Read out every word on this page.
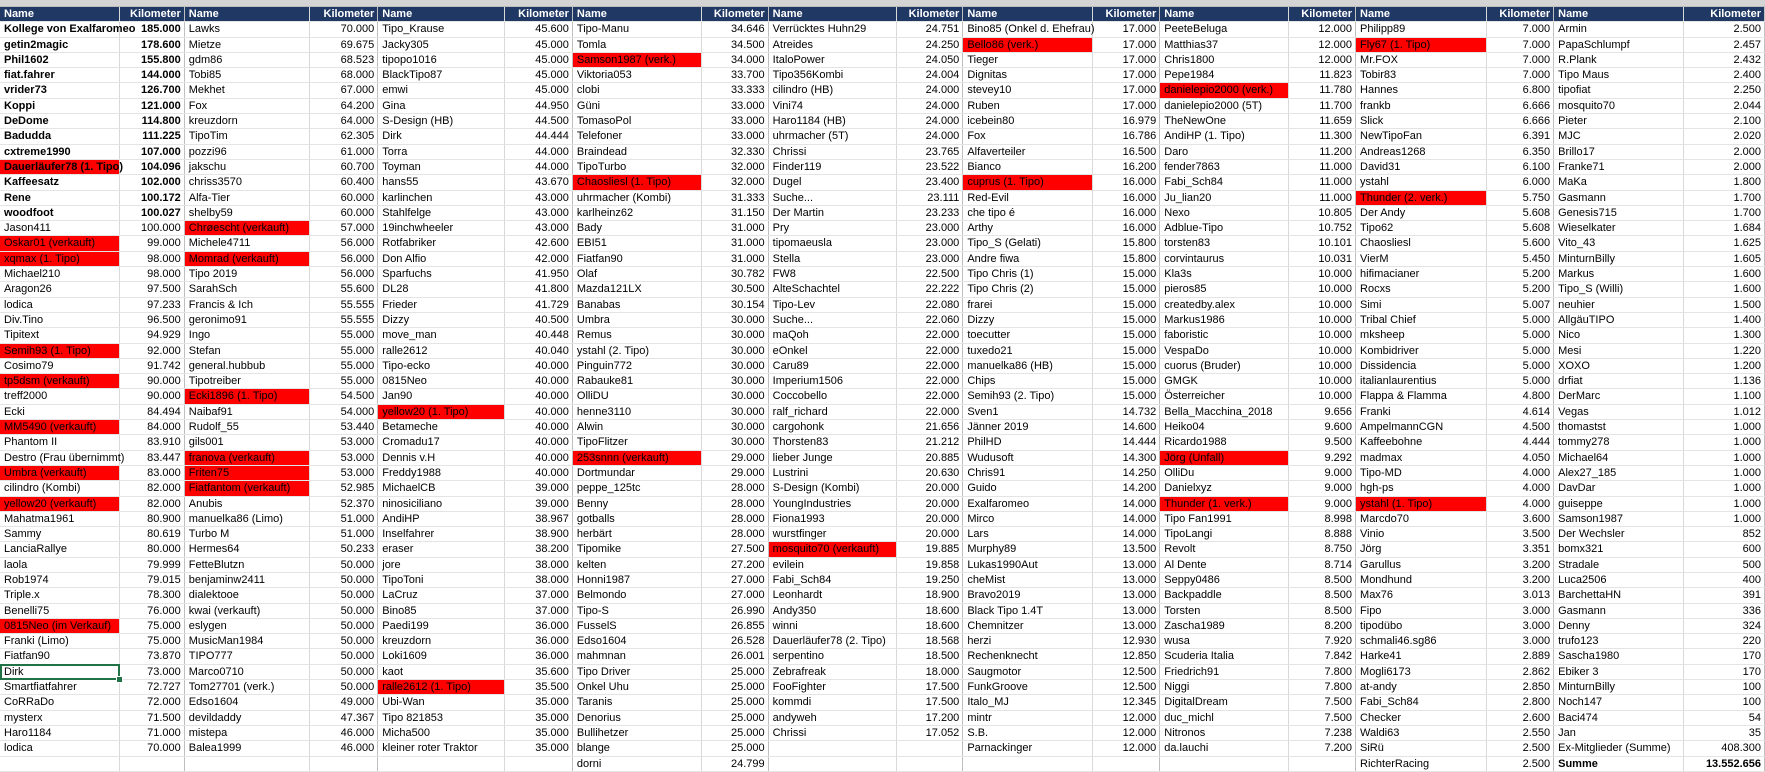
Name	Kilometer	Name	Kilometer	Name	Kilometer	Name	Kilometer	Name	Kilometer	Name	Kilometer	Name	Kilometer	Name	Kilometer	Name	Kilometer
Kollege von Exalfaromeo	185.000	Lawks	70.000	Tipo_Krause	45.600	Tipo-Manu	34.646	Verrücktes Huhn29	24.751	Bino85 (Onkel d. Ehefrau)	17.000	PeeteBeluga	12.000	Philipp89	7.000	Armin	2.500
getin2magic	178.600	Mietze	69.675	Jacky305	45.000	Tomla	34.500	Atreides	24.250	Bello86 (verk.)	17.000	Matthias37	12.000	Fly67 (1. Tipo)	7.000	PapaSchlumpf	2.457
Phil1602	155.800	gdm86	68.523	tipopo1016	45.000	Samson1987 (verk.)	34.000	ItaloPower	24.050	Tieger	17.000	Chris1800	12.000	Mr.FOX	7.000	R.Plank	2.432
fiat.fahrer	144.000	Tobi85	68.000	BlackTipo87	45.000	Viktoria053	33.700	Tipo356Kombi	24.004	Dignitas	17.000	Pepe1984	11.823	Tobir83	7.000	Tipo Maus	2.400
vrider73	126.700	Mekhet	67.000	emwi	45.000	clobi	33.333	cilindro (HB)	24.000	stevey10	17.000	danielepio2000 (verk.)	11.780	Hannes	6.800	tipofiat	2.250
Koppi	121.000	Fox	64.200	Gina	44.950	Güni	33.000	Vini74	24.000	Ruben	17.000	danielepio2000 (5T)	11.700	frankb	6.666	mosquito70	2.044
DeDome	114.800	kreuzdorn	64.000	S-Design (HB)	44.500	TomasoPol	33.000	Haro1184 (HB)	24.000	icebein80	16.979	TheNewOne	11.659	Slick	6.666	Pieter	2.100
Badudda	111.225	TipoTim	62.305	Dirk	44.444	Telefoner	33.000	uhrmacher (5T)	24.000	Fox	16.786	AndiHP (1. Tipo)	11.300	NewTipoFan	6.391	MJC	2.020
cxtreme1990	107.000	pozzi96	61.000	Torra	44.000	Braindead	32.330	Chrissi	23.765	Alfaverteiler	16.500	Daro	11.200	Andreas1268	6.350	Brillo17	2.000
Dauerläufer78 (1. Tipo)	104.096	jakschu	60.700	Toyman	44.000	TipoTurbo	32.000	Finder119	23.522	Bianco	16.200	fender7863	11.000	David31	6.100	Franke71	2.000
Kaffeesatz	102.000	chriss3570	60.400	hans55	43.670	Chaosliesl (1. Tipo)	32.000	Dugel	23.400	cuprus (1. Tipo)	16.000	Fabi_Sch84	11.000	ystahl	6.000	MaKa	1.800
Rene	100.172	Alfa-Tier	60.000	karlinchen	43.000	uhrmacher (Kombi)	31.333	Suche...	23.111	Red-Evil	16.000	Ju_lian20	11.000	Thunder (2. verk.)	5.750	Gasmann	1.700
woodfoot	100.027	shelby59	60.000	Stahlfelge	43.000	karlheinz62	31.150	Der Martin	23.233	che tipo é	16.000	Nexo	10.805	Der Andy	5.608	Genesis715	1.700
Jason411	100.000	Chrøescht (verkauft)	57.000	19inchwheeler	43.000	Bady	31.000	Pry	23.000	Arthy	16.000	Adblue-Tipo	10.752	Tipo62	5.608	Wieselkater	1.684
Oskar01 (verkauft)	99.000	Michele4711	56.000	Rotfabriker	42.600	EBI51	31.000	tipomaeusla	23.000	Tipo_S (Gelati)	15.800	torsten83	10.101	Chaosliesl	5.600	Vito_43	1.625
xqmax (1. Tipo)	98.000	Momrad (verkauft)	56.000	Don Alfio	42.000	Fiatfan90	31.000	Stella	23.000	Andre fiwa	15.800	corvintaurus	10.031	VierM	5.450	MinturnBilly	1.605
Michael210	98.000	Tipo 2019	56.000	Sparfuchs	41.950	Olaf	30.782	FW8	22.500	Tipo Chris (1)	15.000	Kla3s	10.000	hifimacianer	5.200	Markus	1.600
Aragon26	97.500	SarahSch	55.600	DL28	41.800	Mazda121LX	30.500	AlteSchachtel	22.222	Tipo Chris (2)	15.000	pieros85	10.000	Rocxs	5.200	Tipo_S (Willi)	1.600
lodica	97.233	Francis & Ich	55.555	Frieder	41.729	Banabas	30.154	Tipo-Lev	22.080	frarei	15.000	createdby.alex	10.000	Simi	5.007	neuhier	1.500
Div.Tino	96.500	geronimo91	55.555	Dizzy	40.500	Umbra	30.000	Suche...	22.060	Dizzy	15.000	Markus1986	10.000	Tribal Chief	5.000	AllgäuTIPO	1.400
Tipitext	94.929	Ingo	55.000	move_man	40.448	Remus	30.000	maQoh	22.000	toecutter	15.000	faboristic	10.000	mksheep	5.000	Nico	1.300
Semih93 (1. Tipo)	92.000	Stefan	55.000	ralle2612	40.040	ystahl (2. Tipo)	30.000	eOnkel	22.000	tuxedo21	15.000	VespaDo	10.000	Kombidriver	5.000	Mesi	1.220
Cosimo79	91.742	general.hubbub	55.000	Tipo-ecko	40.000	Pinguin772	30.000	Caru89	22.000	manuelka86 (HB)	15.000	cuorus (Bruder)	10.000	Dissidencia	5.000	XOXO	1.200
tp5dsm (verkauft)	90.000	Tipotreiber	55.000	0815Neo	40.000	Rabauke81	30.000	Imperium1506	22.000	Chips	15.000	GMGK	10.000	italianlaurentius	5.000	drfiat	1.136
treff2000	90.000	Ecki1896 (1. Tipo)	54.500	Jan90	40.000	OlliDU	30.000	Coccobello	22.000	Semih93 (2. Tipo)	15.000	Österreicher	10.000	Flappa & Flamma	4.800	DerMarc	1.100
Ecki	84.494	Naibaf91	54.000	yellow20 (1. Tipo)	40.000	henne3110	30.000	ralf_richard	22.000	Sven1	14.732	Bella_Macchina_2018	9.656	Franki	4.614	Vegas	1.012
MM5490 (verkauft)	84.000	Rudolf_55	53.440	Betameche	40.000	Alwin	30.000	cargohonk	21.656	Jänner 2019	14.600	Heiko04	9.600	AmpelmannCGN	4.500	thomastst	1.000
Phantom II	83.910	gils001	53.000	Cromadu17	40.000	TipoFlitzer	30.000	Thorsten83	21.212	PhilHD	14.444	Ricardo1988	9.500	Kaffeebohne	4.444	tommy278	1.000
Destro (Frau übernimmt)	83.447	franova (verkauft)	53.000	Dennis v.H	40.000	253snnn (verkauft)	29.000	lieber Junge	20.885	Wudusoft	14.300	Jörg (Unfall)	9.292	madmax	4.050	Michael64	1.000
Umbra (verkauft)	83.000	Friten75	53.000	Freddy1988	40.000	Dortmundar	29.000	Lustrini	20.630	Chris91	14.250	OlliDu	9.000	Tipo-MD	4.000	Alex27_185	1.000
cilindro (Kombi)	82.000	Fiatfantom (verkauft)	52.985	MichaelCB	39.000	peppe_125tc	28.000	S-Design (Kombi)	20.000	Guido	14.200	Danielxyz	9.000	hgh-ps	4.000	DavDar	1.000
yellow20 (verkauft)	82.000	Anubis	52.370	ninosiciliano	39.000	Benny	28.000	YoungIndustries	20.000	Exalfaromeo	14.000	Thunder (1. verk.)	9.000	ystahl (1. Tipo)	4.000	guiseppe	1.000
Mahatma1961	80.900	manuelka86 (Limo)	51.000	AndiHP	38.967	gotballs	28.000	Fiona1993	20.000	Mirco	14.000	Tipo Fan1991	8.998	Marcdo70	3.600	Samson1987	1.000
Sammy	80.619	Turbo M	51.000	Inselfahrer	38.900	herbärt	28.000	wurstfinger	20.000	Lars	14.000	TipoLangi	8.888	Vinio	3.500	Der Wechsler	852
LanciaRallye	80.000	Hermes64	50.233	eraser	38.200	Tipomike	27.500	mosquito70 (verkauft)	19.885	Murphy89	13.500	Revolt	8.750	Jörg	3.351	bomx321	600
laola	79.999	FetteBlutzn	50.000	jore	38.000	kelten	27.200	evilein	19.858	Lukas1990Aut	13.000	Al Dente	8.714	Garullus	3.200	Stradale	500
Rob1974	79.015	benjaminw2411	50.000	TipoToni	38.000	Honni1987	27.000	Fabi_Sch84	19.250	cheMist	13.000	Seppy0486	8.500	Mondhund	3.200	Luca2506	400
Triple.x	78.300	dialektooe	50.000	LaCruz	37.000	Belmondo	27.000	Leonhardt	18.900	Bravo2019	13.000	Backpaddle	8.500	Max76	3.013	BarchettaHN	391
Benelli75	76.000	kwai (verkauft)	50.000	Bino85	37.000	Tipo-S	26.990	Andy350	18.600	Black Tipo 1.4T	13.000	Torsten	8.500	Fipo	3.000	Gasmann	336
0815Neo (im Verkauf)	75.000	eslygen	50.000	Paedi199	36.000	FusselS	26.855	winni	18.600	Chemnitzer	13.000	Zascha1989	8.200	tipodübo	3.000	Denny	324
Franki (Limo)	75.000	MusicMan1984	50.000	kreuzdorn	36.000	Edso1604	26.528	Dauerläufer78 (2. Tipo)	18.568	herzi	12.930	wusa	7.920	schmali46.sg86	3.000	trufo123	220
Fiatfan90	73.870	TIPO777	50.000	Loki1609	36.000	mahmnan	26.001	serpentino	18.500	Rechenknecht	12.850	Scuderia Italia	7.842	Harke41	2.889	Sascha1980	170
Dirk	73.000	Marco0710	50.000	kaot	35.600	Tipo Driver	25.000	Zebrafreak	18.000	Saugmotor	12.500	Friedrich91	7.800	Mogli6173	2.862	Ebiker 3	170
Smartfiatfahrer	72.727	Tom27701 (verk.)	50.000	ralle2612 (1. Tipo)	35.500	Onkel Uhu	25.000	FooFighter	17.500	FunkGroove	12.500	Niggi	7.800	at-andy	2.850	MinturnBilly	100
CoRRaDo	72.000	Edso1604	49.000	Ubi-Wan	35.000	Taranis	25.000	kommdi	17.500	Italo_MJ	12.345	DigitalDream	7.500	Fabi_Sch84	2.800	Noch147	100
mysterx	71.500	devildaddy	47.367	Tipo 821853	35.000	Denorius	25.000	andyweh	17.200	mintr	12.000	duc_michl	7.500	Checker	2.600	Baci474	54
Haro1184	71.000	mistepa	46.000	Micha500	35.000	Bullihetzer	25.000	Chrissi	17.052	S.B.	12.000	Nitronos	7.238	Waldi63	2.550	Jan	35
lodica	70.000	Balea1999	46.000	kleiner roter Traktor	35.000	blange	25.000			Parnackinger	12.000	da.lauchi	7.200	SiRü	2.500	Ex-Mitglieder (Summe)	408.300
						dorni	24.799							RichterRacing	2.500	Summe	13.552.656
